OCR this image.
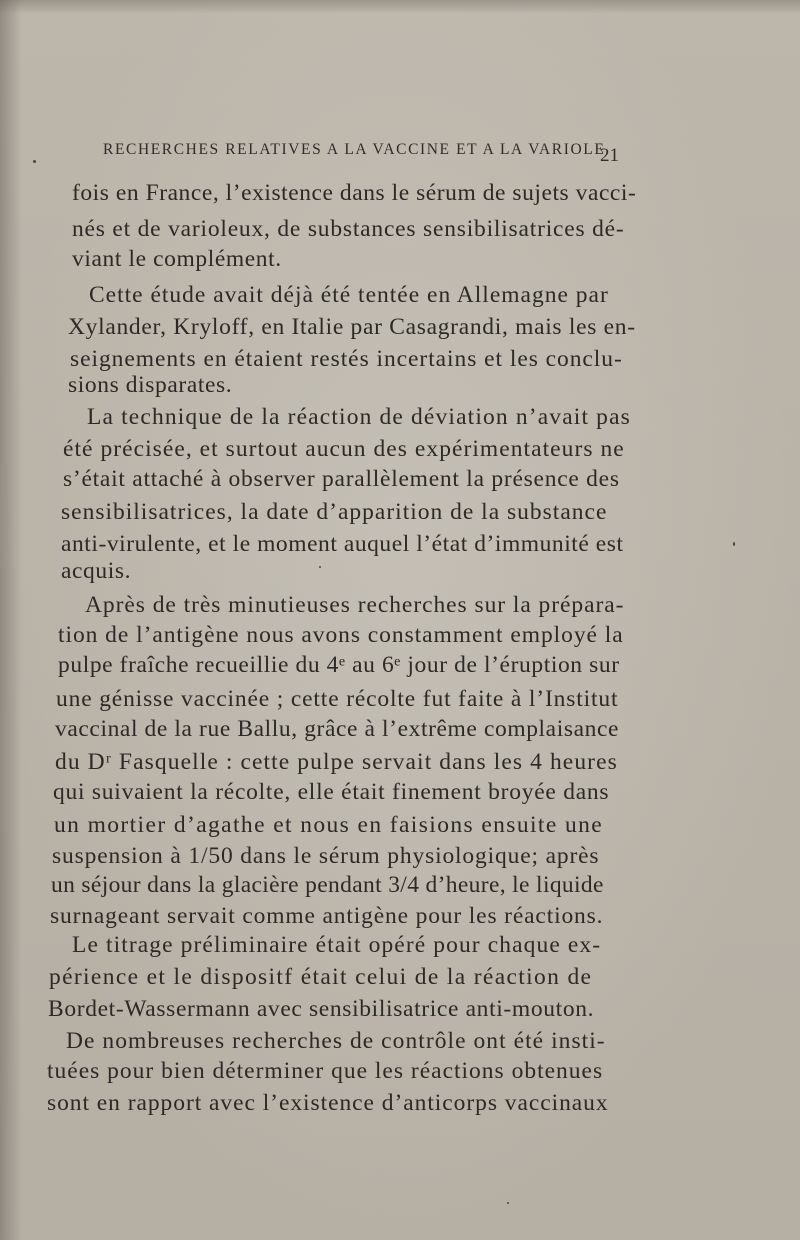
RECHERCHES RELATIVES A LA VACCINE ET A LA VARIOLE
21
fois en France, l’existence dans le sérum de sujets vacci-
nés et de varioleux, de substances sensibilisatrices dé-
viant le complément.
Cette étude avait déjà été tentée en Allemagne par
Xylander, Kryloff, en Italie par Casagrandi, mais les en-
seignements en étaient restés incertains et les conclu-
sions disparates.
La technique de la réaction de déviation n’avait pas
été précisée, et surtout aucun des expérimentateurs ne
s’était attaché à observer parallèlement la présence des
sensibilisatrices, la date d’apparition de la substance
anti-virulente, et le moment auquel l’état d’immunité est
acquis.
Après de très minutieuses recherches sur la prépara-
tion de l’antigène nous avons constamment employé la
pulpe fraîche recueillie du 4ᵉ au 6ᵉ jour de l’éruption sur
une génisse vaccinée ; cette récolte fut faite à l’Institut
vaccinal de la rue Ballu, grâce à l’extrême complaisance
du Dʳ Fasquelle : cette pulpe servait dans les 4 heures
qui suivaient la récolte, elle était finement broyée dans
un mortier d’agathe et nous en faisions ensuite une
suspension à 1/50 dans le sérum physiologique; après
un séjour dans la glacière pendant 3/4 d’heure, le liquide
surnageant servait comme antigène pour les réactions.
Le titrage préliminaire était opéré pour chaque ex-
périence et le dispositf était celui de la réaction de
Bordet-Wassermann avec sensibilisatrice anti-mouton.
De nombreuses recherches de contrôle ont été insti-
tuées pour bien déterminer que les réactions obtenues
sont en rapport avec l’existence d’anticorps vaccinaux
